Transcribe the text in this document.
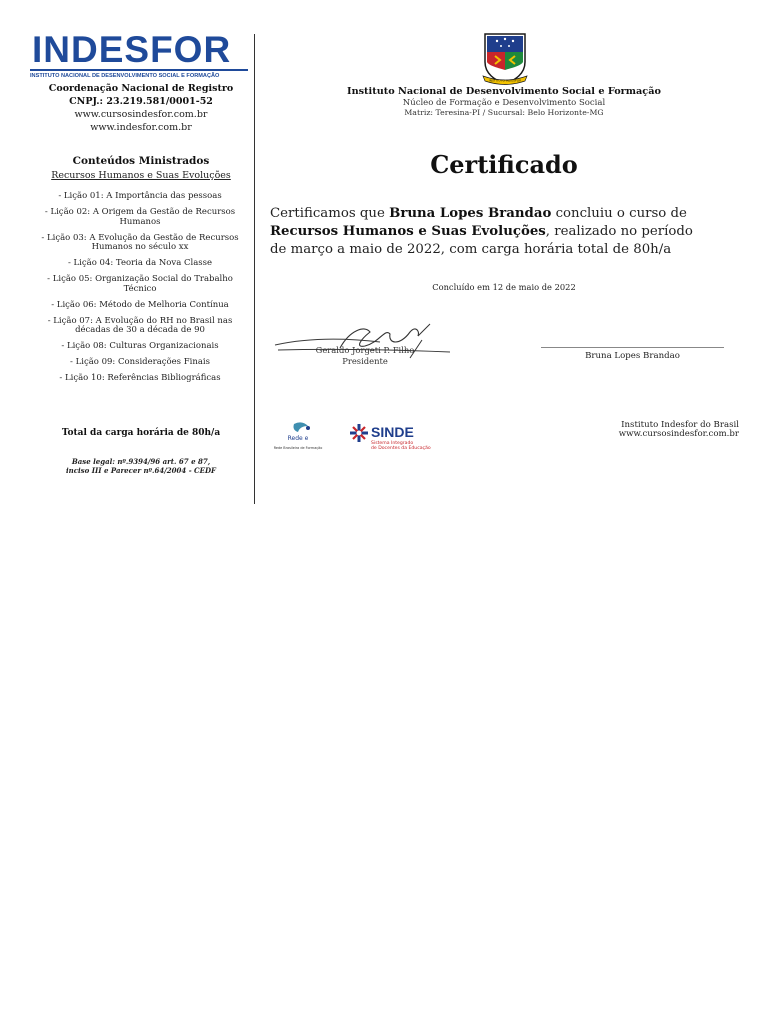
INDESFOR
INSTITUTO NACIONAL DE DESENVOLVIMENTO SOCIAL E FORMAÇÃO
Coordenação Nacional de Registro
CNPJ.: 23.219.581/0001-52
www.cursosindesfor.com.br
www.indesfor.com.br
Conteúdos Ministrados
Recursos Humanos e Suas Evoluções
- Lição 01: A Importância das pessoas
- Lição 02: A Origem da Gestão de Recursos Humanos
- Lição 03: A Evolução da Gestão de Recursos Humanos no século xx
- Lição 04: Teoria da Nova Classe
- Lição 05: Organização Social do Trabalho Técnico
- Lição 06: Método de Melhoria Contínua
- Lição 07: A Evolução do RH no Brasil nas décadas de 30 a década de 90
- Lição 08: Culturas Organizacionais
- Lição 09: Considerações Finais
- Lição 10: Referências Bibliográficas
Total da carga horária de 80h/a
Base legal: nº.9394/96 art. 67 e 87,
inciso III e Parecer nº.64/2004 - CEDF
INSTITUTO INDESFOR
Instituto Nacional de Desenvolvimento Social e Formação
Núcleo de Formação e Desenvolvimento Social
Matriz: Teresina-PI / Sucursal: Belo Horizonte-MG
Certificado
Certificamos que Bruna Lopes Brandao concluiu o curso de Recursos Humanos e Suas Evoluções, realizado no período de março a maio de 2022, com carga horária total de 80h/a
Concluído em 12 de maio de 2022
Geraldo Jorgeti P. Filho
Presidente	Bruna Lopes Brandao
Rede e
Rede Brasileira de Formação
SINDE
Sistema Integrado
de Docentes da Educação
Instituto Indesfor do Brasil
www.cursosindesfor.com.br
